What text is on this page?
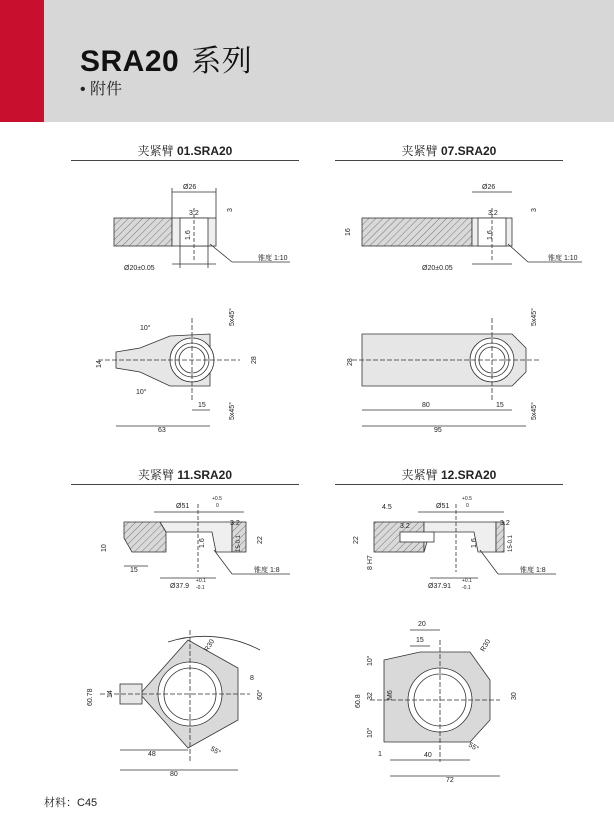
SRA20 系列
• 附件
夹紧臂 01.SRA20	夹紧臂 07.SRA20
夹紧臂 11.SRA20	夹紧臂 12.SRA20
Ø26
3.2	3
1.6
Ø20±0.05
锥度 1:10
10°
10°
5x45°
5x45°
14
28
63
15
Ø26
3.2	3
16	1.6
Ø20±0.05
锥度 1:10
5x45°
5x45°
28
80	15
95
Ø51
+0.5
0
3.2
10
22
15-0.1
1.6
15
Ø37.9
+0.1
-0.1
锥度 1:8
R30
60.78 14
8
60°
48	55°
80
4.5	Ø51
+0.5
0
3.2
3.2
22
8 H7
15-0.1
1.6
Ø37.91
+0.1
-0.1
锥度 1:8
20
15	R30
10°
60.8 32 M6	30
10°
55°
1	40
72
材料：C45
